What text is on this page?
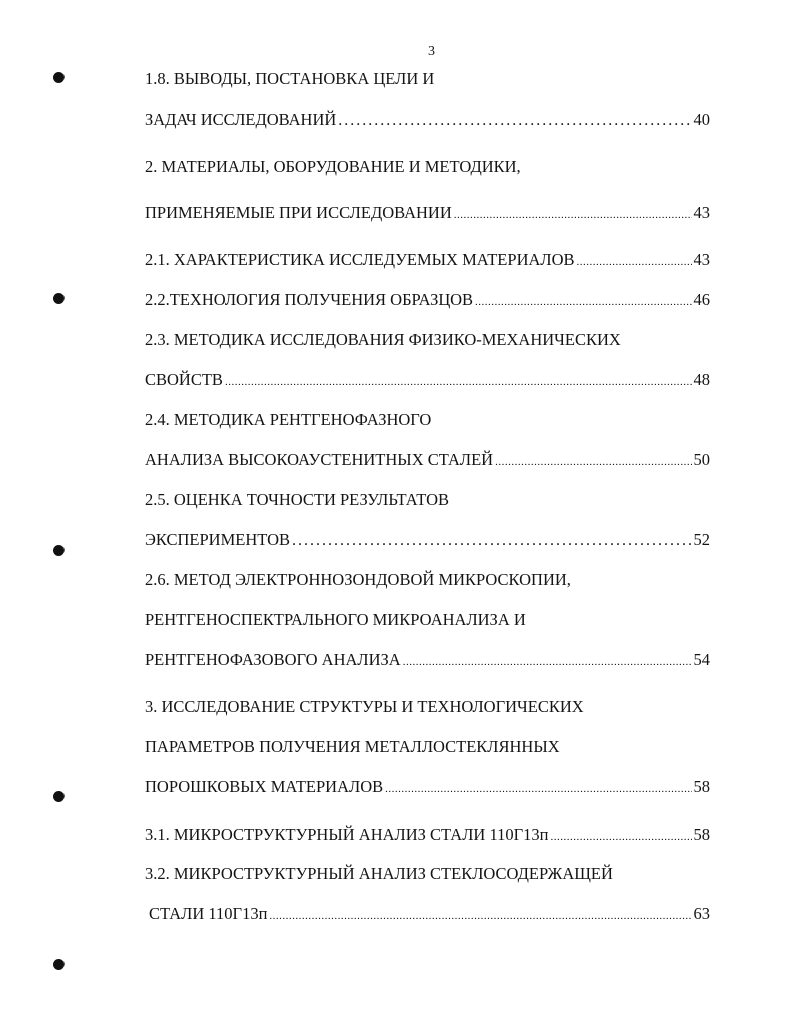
3
1.8. ВЫВОДЫ, ПОСТАНОВКА ЦЕЛИ И
ЗАДАЧ ИССЛЕДОВАНИЙ .....	40
2. МАТЕРИАЛЫ, ОБОРУДОВАНИЕ И МЕТОДИКИ,
ПРИМЕНЯЕМЫЕ ПРИ ИССЛЕДОВАНИИ .....	43
2.1. ХАРАКТЕРИСТИКА ИССЛЕДУЕМЫХ МАТЕРИАЛОВ .....	43
2.2.ТЕХНОЛОГИЯ ПОЛУЧЕНИЯ ОБРАЗЦОВ .....	46
2.3. МЕТОДИКА ИССЛЕДОВАНИЯ ФИЗИКО-МЕХАНИЧЕСКИХ
СВОЙСТВ .....	48
2.4. МЕТОДИКА РЕНТГЕНОФАЗНОГО
АНАЛИЗА ВЫСОКОАУСТЕНИТНЫХ СТАЛЕЙ .....	50
2.5. ОЦЕНКА ТОЧНОСТИ РЕЗУЛЬТАТОВ
ЭКСПЕРИМЕНТОВ .....	52
2.6. МЕТОД ЭЛЕКТРОННОЗОНДОВОЙ МИКРОСКОПИИ,
РЕНТГЕНОСПЕКТРАЛЬНОГО МИКРОАНАЛИЗА И
РЕНТГЕНОФАЗОВОГО АНАЛИЗА .....	54
3. ИССЛЕДОВАНИЕ СТРУКТУРЫ И ТЕХНОЛОГИЧЕСКИХ
ПАРАМЕТРОВ ПОЛУЧЕНИЯ МЕТАЛЛОСТЕКЛЯННЫХ
ПОРОШКОВЫХ МАТЕРИАЛОВ .....	58
3.1. МИКРОСТРУКТУРНЫЙ АНАЛИЗ СТАЛИ 110Г13п .....	58
3.2. МИКРОСТРУКТУРНЫЙ АНАЛИЗ СТЕКЛОСОДЕРЖАЩЕЙ
СТАЛИ 110Г13п .....	63
